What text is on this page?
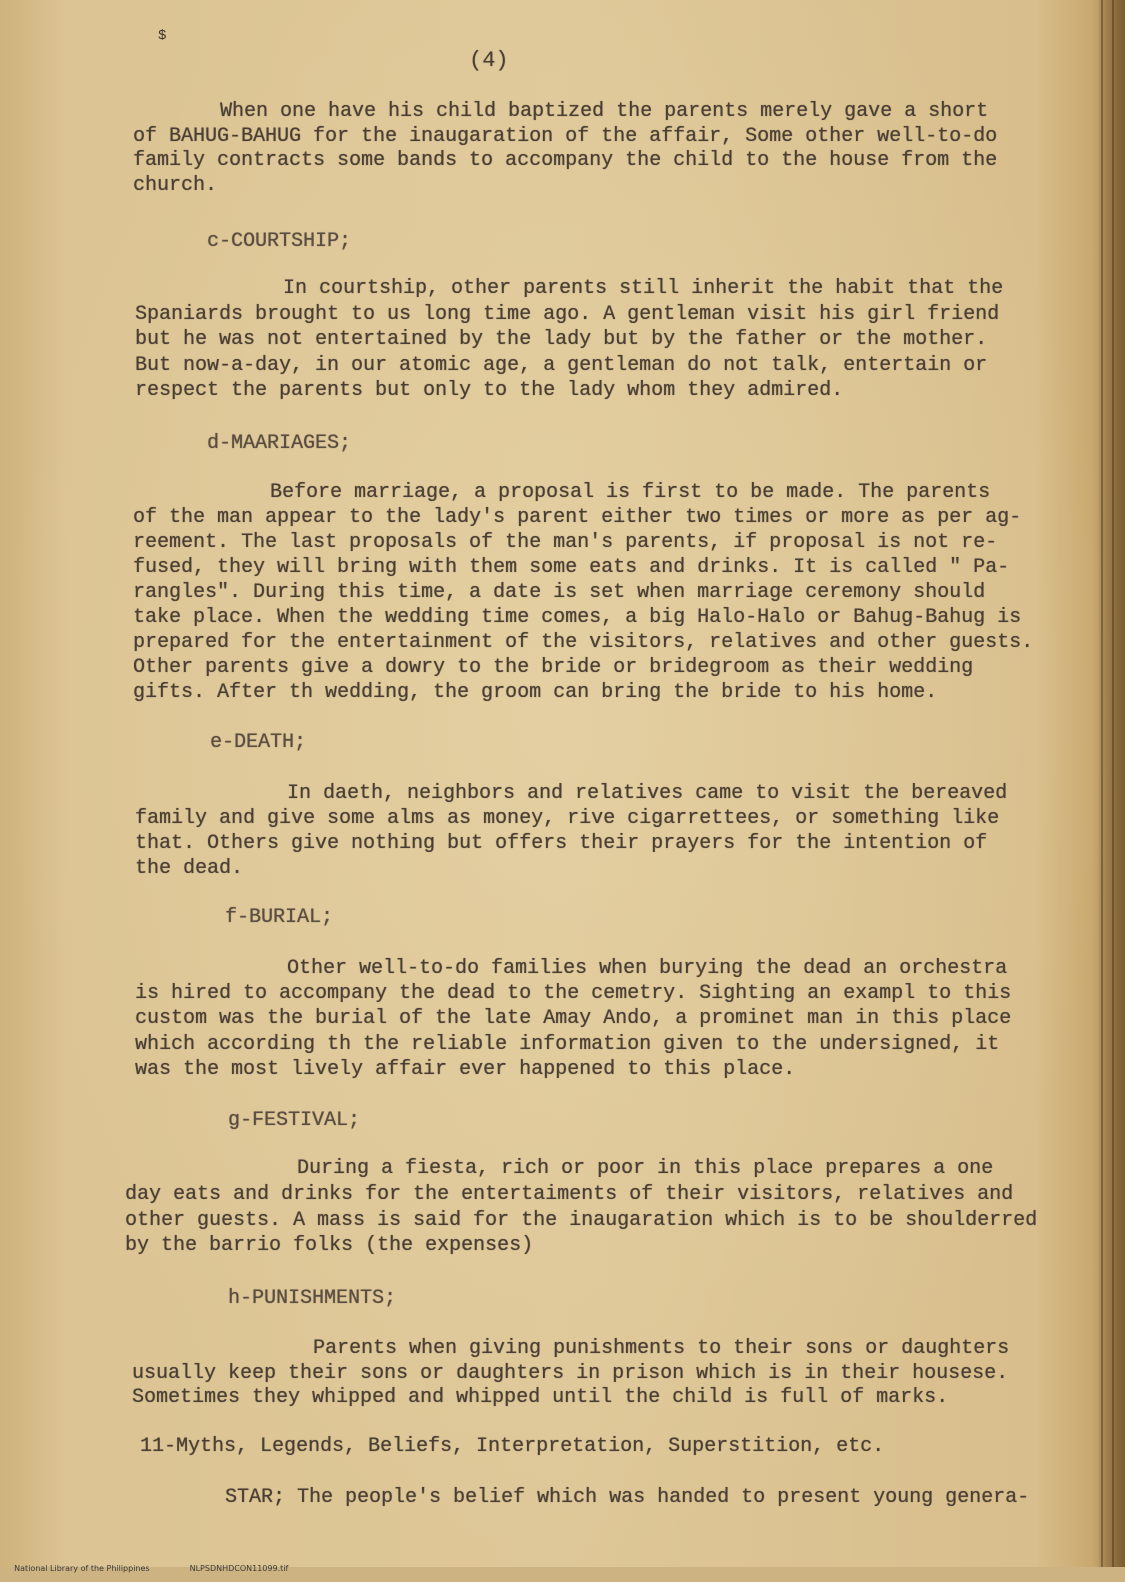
$
(4)
When one have his child baptized the parents merely gave a short
of BAHUG-BAHUG for the inaugaration of the affair, Some other well-to-do
family contracts some bands to accompany the child to the house from the
church.
c-COURTSHIP;
In courtship, other parents still inherit the habit that the
Spaniards brought to us long time ago. A gentleman visit his girl friend
but he was not entertained by the lady but by the father or the mother.
But now-a-day, in our atomic age, a gentleman do not talk, entertain or
respect the parents but only to the lady whom they admired.
d-MAARIAGES;
Before marriage, a proposal is first to be made. The parents
of the man appear to the lady's parent either two times or more as per ag-
reement. The last proposals of the man's parents, if proposal is not re-
fused, they will bring with them some eats and drinks. It is called " Pa-
rangles". During this time, a date is set when marriage ceremony should
take place. When the wedding time comes, a big Halo-Halo or Bahug-Bahug is
prepared for the entertainment of the visitors, relatives and other guests.
Other parents give a dowry to the bride or bridegroom as their wedding
gifts. After th wedding, the groom can bring the bride to his home.
e-DEATH;
In daeth, neighbors and relatives came to visit the bereaved
family and give some alms as money, rive cigarrettees, or something like
that. Others give nothing but offers their prayers for the intention of
the dead.
f-BURIAL;
Other well-to-do families when burying the dead an orchestra
is hired to accompany the dead to the cemetry. Sighting an exampl to this
custom was the burial of the late Amay Ando, a prominet man in this place
which according th the reliable information given to the undersigned, it
was the most lively affair ever happened to this place.
g-FESTIVAL;
During a fiesta, rich or poor in this place prepares a one
day eats and drinks for the entertaiments of their visitors, relatives and
other guests. A mass is said for the inaugaration which is to be shoulderred
by the barrio folks (the expenses)
h-PUNISHMENTS;
Parents when giving punishments to their sons or daughters
usually keep their sons or daughters in prison which is in their housese.
Sometimes they whipped and whipped until the child is full of marks.
11-Myths, Legends, Beliefs, Interpretation, Superstition, etc.
STAR; The people's belief which was handed to present young genera-

National Library of the Philippines	NLPSDNHDCON11099.tif
